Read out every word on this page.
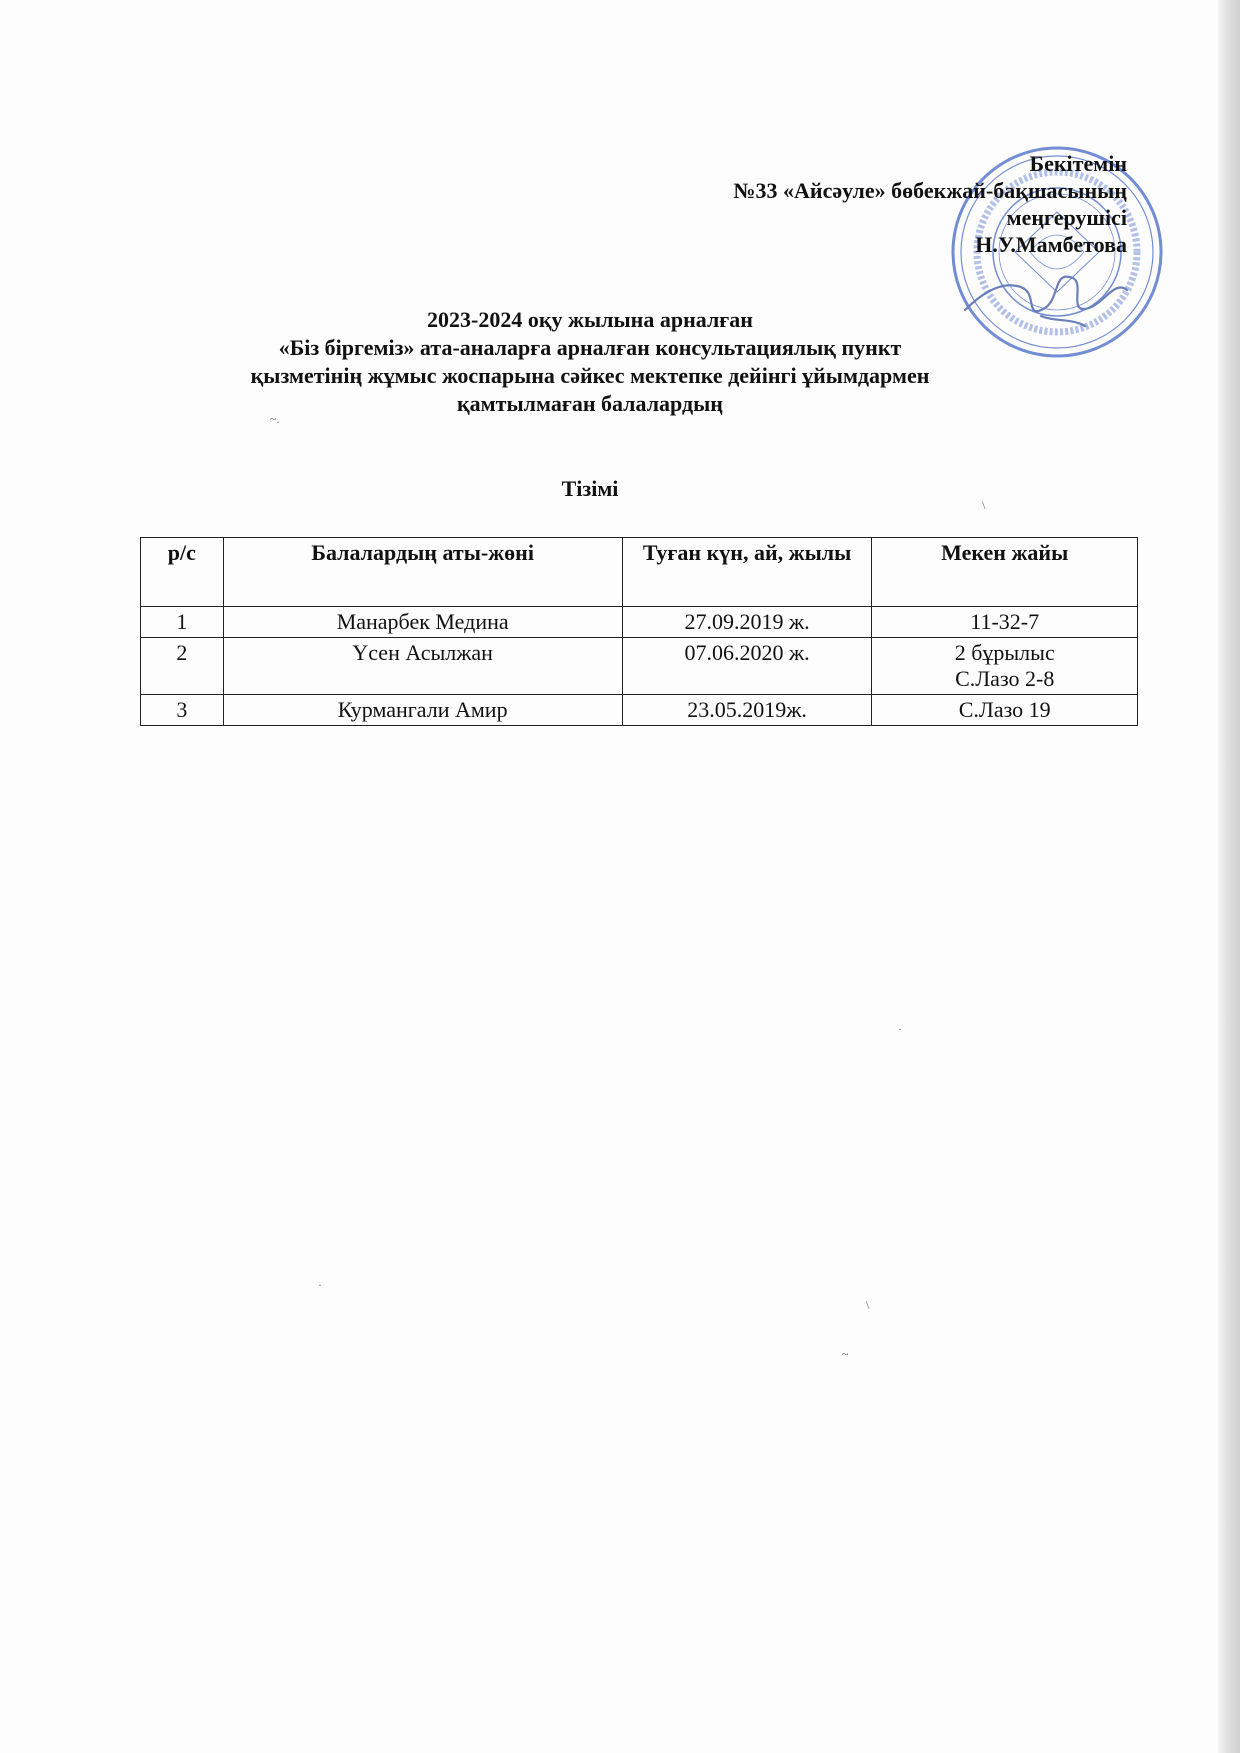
Бекітемін
№33 «Айсәуле» бөбекжай-бақшасының
меңгерушісі
Н.У.Мамбетова
2023-2024 оқу жылына арналған
«Біз біргеміз» ата-аналарға арналған консультациялық пункт
қызметінің жұмыс жоспарына сәйкес мектепке дейінгі ұйымдармен
қамтылмаған балалардың
Тізімі
р/с	Балалардың аты-жөні	Туған күн, ай, жылы	Мекен жайы
1	Манарбек Медина	27.09.2019 ж.	11-32-7

2	Үсен Асылжан	07.06.2020 ж.	2 бұрылыс
С.Лазо 2-8

3	Курмангали Амир	23.05.2019ж.	С.Лазо 19
~.
\
·
·
\
~
